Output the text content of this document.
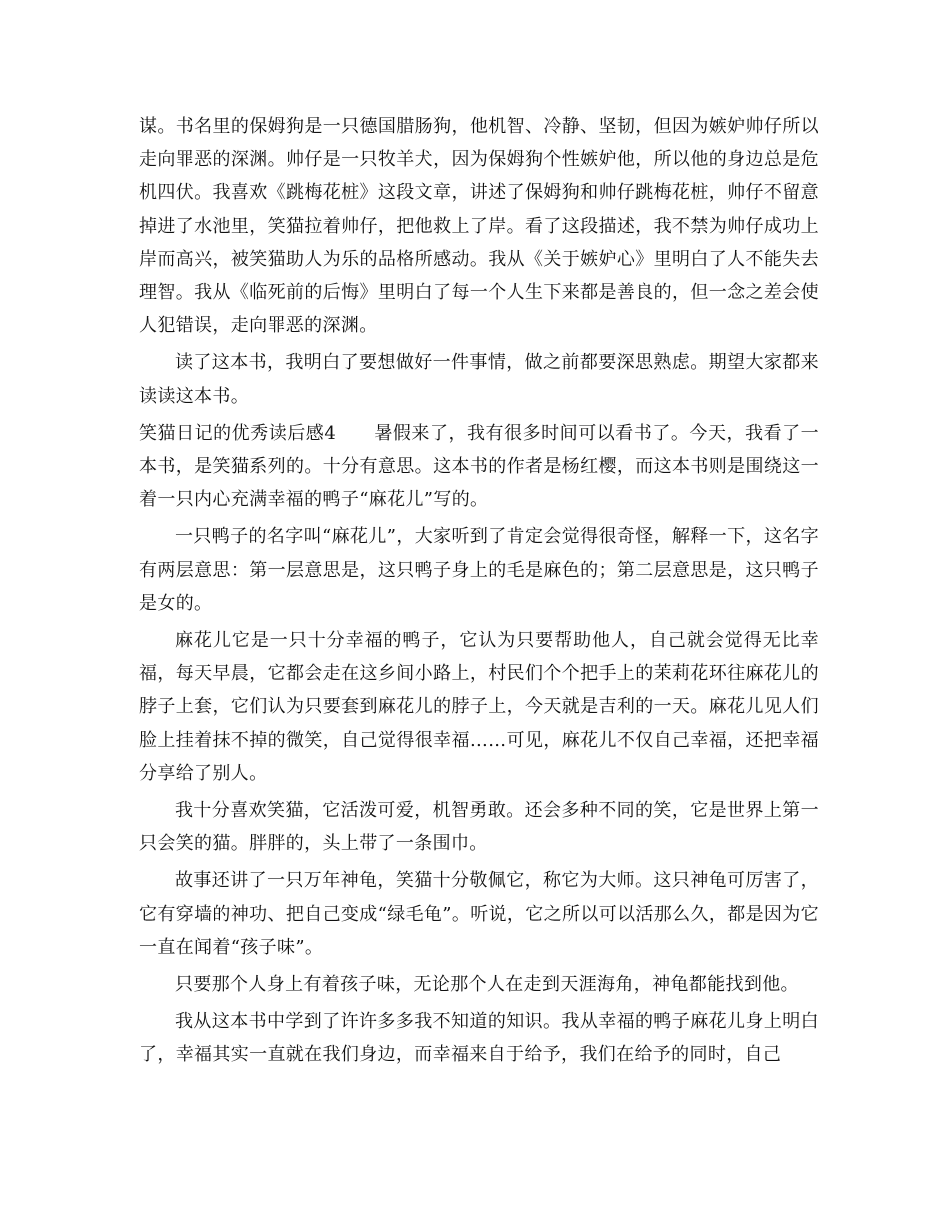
谋。书名里的保姆狗是一只德国腊肠狗，他机智、冷静、坚韧，但因为嫉妒帅仔所以走向罪恶的深渊。帅仔是一只牧羊犬，因为保姆狗个性嫉妒他，所以他的身边总是危机四伏。我喜欢《跳梅花桩》这段文章，讲述了保姆狗和帅仔跳梅花桩，帅仔不留意掉进了水池里，笑猫拉着帅仔，把他救上了岸。看了这段描述，我不禁为帅仔成功上岸而高兴，被笑猫助人为乐的品格所感动。我从《关于嫉妒心》里明白了人不能失去理智。我从《临死前的后悔》里明白了每一个人生下来都是善良的，但一念之差会使人犯错误，走向罪恶的深渊。

读了这本书，我明白了要想做好一件事情，做之前都要深思熟虑。期望大家都来读读这本书。

笑猫日记的优秀读后感4 暑假来了，我有很多时间可以看书了。今天，我看了一本书，是笑猫系列的。十分有意思。这本书的作者是杨红樱，而这本书则是围绕这一着一只内心充满幸福的鸭子“麻花儿”写的。

一只鸭子的名字叫“麻花儿”，大家听到了肯定会觉得很奇怪，解释一下，这名字有两层意思：第一层意思是，这只鸭子身上的毛是麻色的；第二层意思是，这只鸭子是女的。

麻花儿它是一只十分幸福的鸭子，它认为只要帮助他人，自己就会觉得无比幸福，每天早晨，它都会走在这乡间小路上，村民们个个把手上的茉莉花环往麻花儿的脖子上套，它们认为只要套到麻花儿的脖子上，今天就是吉利的一天。麻花儿见人们脸上挂着抹不掉的微笑，自己觉得很幸福……可见，麻花儿不仅自己幸福，还把幸福分享给了别人。

我十分喜欢笑猫，它活泼可爱，机智勇敢。还会多种不同的笑，它是世界上第一只会笑的猫。胖胖的，头上带了一条围巾。

故事还讲了一只万年神龟，笑猫十分敬佩它，称它为大师。这只神龟可厉害了，它有穿墙的神功、把自己变成“绿毛龟”。听说，它之所以可以活那么久，都是因为它一直在闻着“孩子味”。

只要那个人身上有着孩子味，无论那个人在走到天涯海角，神龟都能找到他。

我从这本书中学到了许许多多我不知道的知识。我从幸福的鸭子麻花儿身上明白了，幸福其实一直就在我们身边，而幸福来自于给予，我们在给予的同时，自己
